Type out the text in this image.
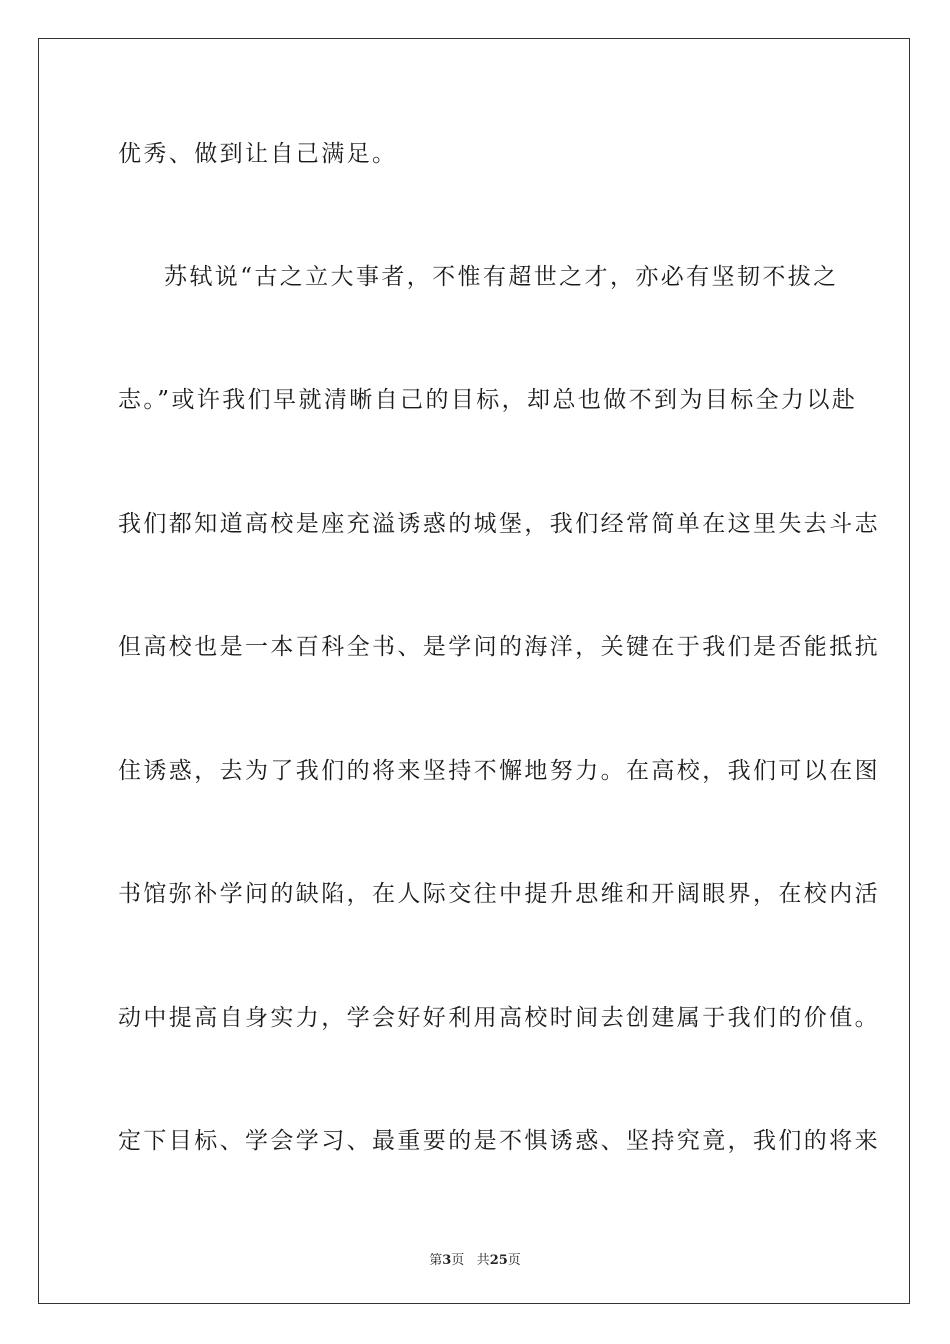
优秀、做到让自己满足。
苏轼说“古之立大事者，不惟有超世之才，亦必有坚韧不拔之
志。”或许我们早就清晰自己的目标，却总也做不到为目标全力以赴
我们都知道高校是座充溢诱惑的城堡，我们经常简单在这里失去斗志
但高校也是一本百科全书、是学问的海洋，关键在于我们是否能抵抗
住诱惑，去为了我们的将来坚持不懈地努力。在高校，我们可以在图
书馆弥补学问的缺陷，在人际交往中提升思维和开阔眼界，在校内活
动中提高自身实力，学会好好利用高校时间去创建属于我们的价值。
定下目标、学会学习、最重要的是不惧诱惑、坚持究竟，我们的将来
第3页 共25页
